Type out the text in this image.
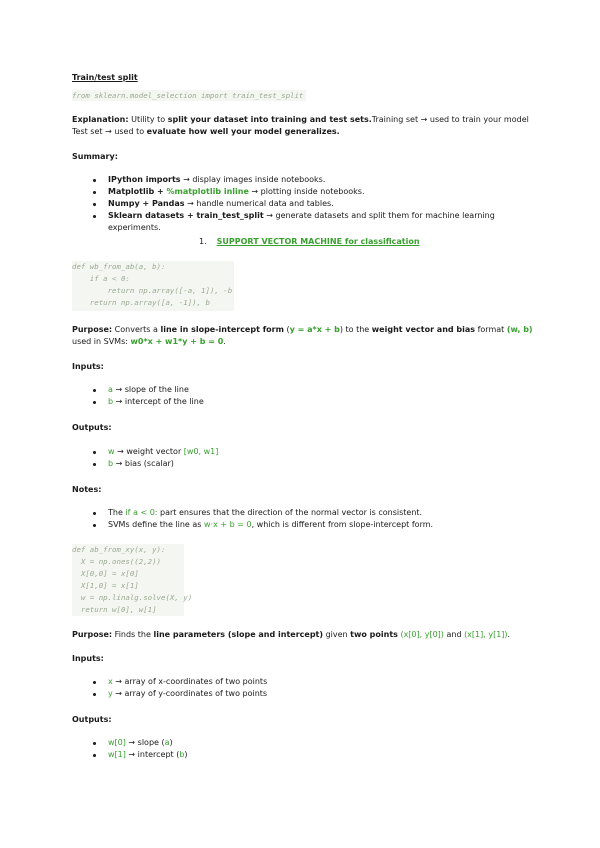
Train/test split
from sklearn.model_selection import train_test_split
Explanation: Utility to split your dataset into training and test sets.Training set → used to train your model
Test set → used to evaluate how well your model generalizes.
Summary:
IPython imports → display images inside notebooks.
Matplotlib + %matplotlib inline → plotting inside notebooks.
Numpy + Pandas → handle numerical data and tables.
Sklearn datasets + train_test_split → generate datasets and split them for machine learning
experiments.
1. SUPPORT VECTOR MACHINE for classification
def wb_from_ab(a, b):
if a < 0:
return np.array([-a, 1]), -b
return np.array([a, -1]), b
Purpose: Converts a line in slope-intercept form (y = a*x + b) to the weight vector and bias format (w, b)
used in SVMs: w0*x + w1*y + b = 0.
Inputs:
a → slope of the line
b → intercept of the line
Outputs:
w → weight vector [w0, w1]
b → bias (scalar)
Notes:
The if a < 0: part ensures that the direction of the normal vector is consistent.
SVMs define the line as w·x + b = 0, which is different from slope-intercept form.
def ab_from_xy(x, y):
X = np.ones((2,2))
X[0,0] = x[0]
X[1,0] = x[1]
w = np.linalg.solve(X, y)
return w[0], w[1]
Purpose: Finds the line parameters (slope and intercept) given two points (x[0], y[0]) and (x[1], y[1]).
Inputs:
x → array of x-coordinates of two points
y → array of y-coordinates of two points
Outputs:
w[0] → slope (a)
w[1] → intercept (b)
